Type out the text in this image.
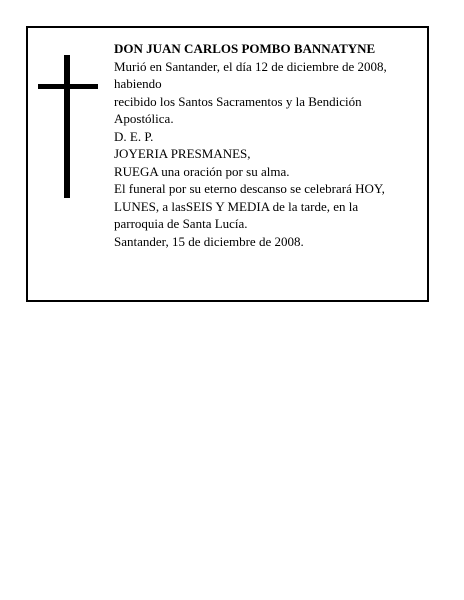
DON JUAN CARLOS POMBO BANNATYNE
Murió en Santander, el día 12 de diciembre de 2008,
habiendo
recibido los Santos Sacramentos y la Bendición
Apostólica.
D. E. P.
JOYERIA PRESMANES,
RUEGA una oración por su alma.
El funeral por su eterno descanso se celebrará HOY,
LUNES, a lasSEIS Y MEDIA de la tarde, en la
parroquia de Santa Lucía.
Santander, 15 de diciembre de 2008.
